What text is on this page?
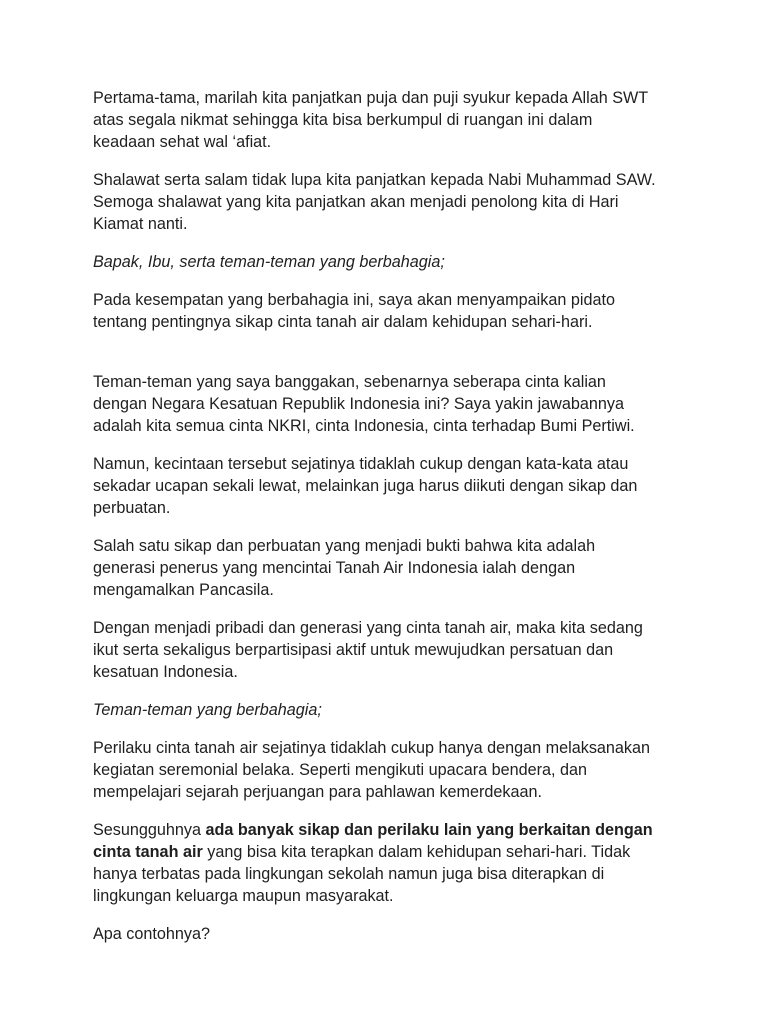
Pertama-tama, marilah kita panjatkan puja dan puji syukur kepada Allah SWT
atas segala nikmat sehingga kita bisa berkumpul di ruangan ini dalam
keadaan sehat wal ‘afiat.

Shalawat serta salam tidak lupa kita panjatkan kepada Nabi Muhammad SAW.
Semoga shalawat yang kita panjatkan akan menjadi penolong kita di Hari
Kiamat nanti.

Bapak, Ibu, serta teman-teman yang berbahagia;

Pada kesempatan yang berbahagia ini, saya akan menyampaikan pidato
tentang pentingnya sikap cinta tanah air dalam kehidupan sehari-hari.

Teman-teman yang saya banggakan, sebenarnya seberapa cinta kalian
dengan Negara Kesatuan Republik Indonesia ini? Saya yakin jawabannya
adalah kita semua cinta NKRI, cinta Indonesia, cinta terhadap Bumi Pertiwi.

Namun, kecintaan tersebut sejatinya tidaklah cukup dengan kata-kata atau
sekadar ucapan sekali lewat, melainkan juga harus diikuti dengan sikap dan
perbuatan.

Salah satu sikap dan perbuatan yang menjadi bukti bahwa kita adalah
generasi penerus yang mencintai Tanah Air Indonesia ialah dengan
mengamalkan Pancasila.

Dengan menjadi pribadi dan generasi yang cinta tanah air, maka kita sedang
ikut serta sekaligus berpartisipasi aktif untuk mewujudkan persatuan dan
kesatuan Indonesia.

Teman-teman yang berbahagia;

Perilaku cinta tanah air sejatinya tidaklah cukup hanya dengan melaksanakan
kegiatan seremonial belaka. Seperti mengikuti upacara bendera, dan
mempelajari sejarah perjuangan para pahlawan kemerdekaan.

Sesungguhnya ada banyak sikap dan perilaku lain yang berkaitan dengan
cinta tanah air yang bisa kita terapkan dalam kehidupan sehari-hari. Tidak
hanya terbatas pada lingkungan sekolah namun juga bisa diterapkan di
lingkungan keluarga maupun masyarakat.

Apa contohnya?
